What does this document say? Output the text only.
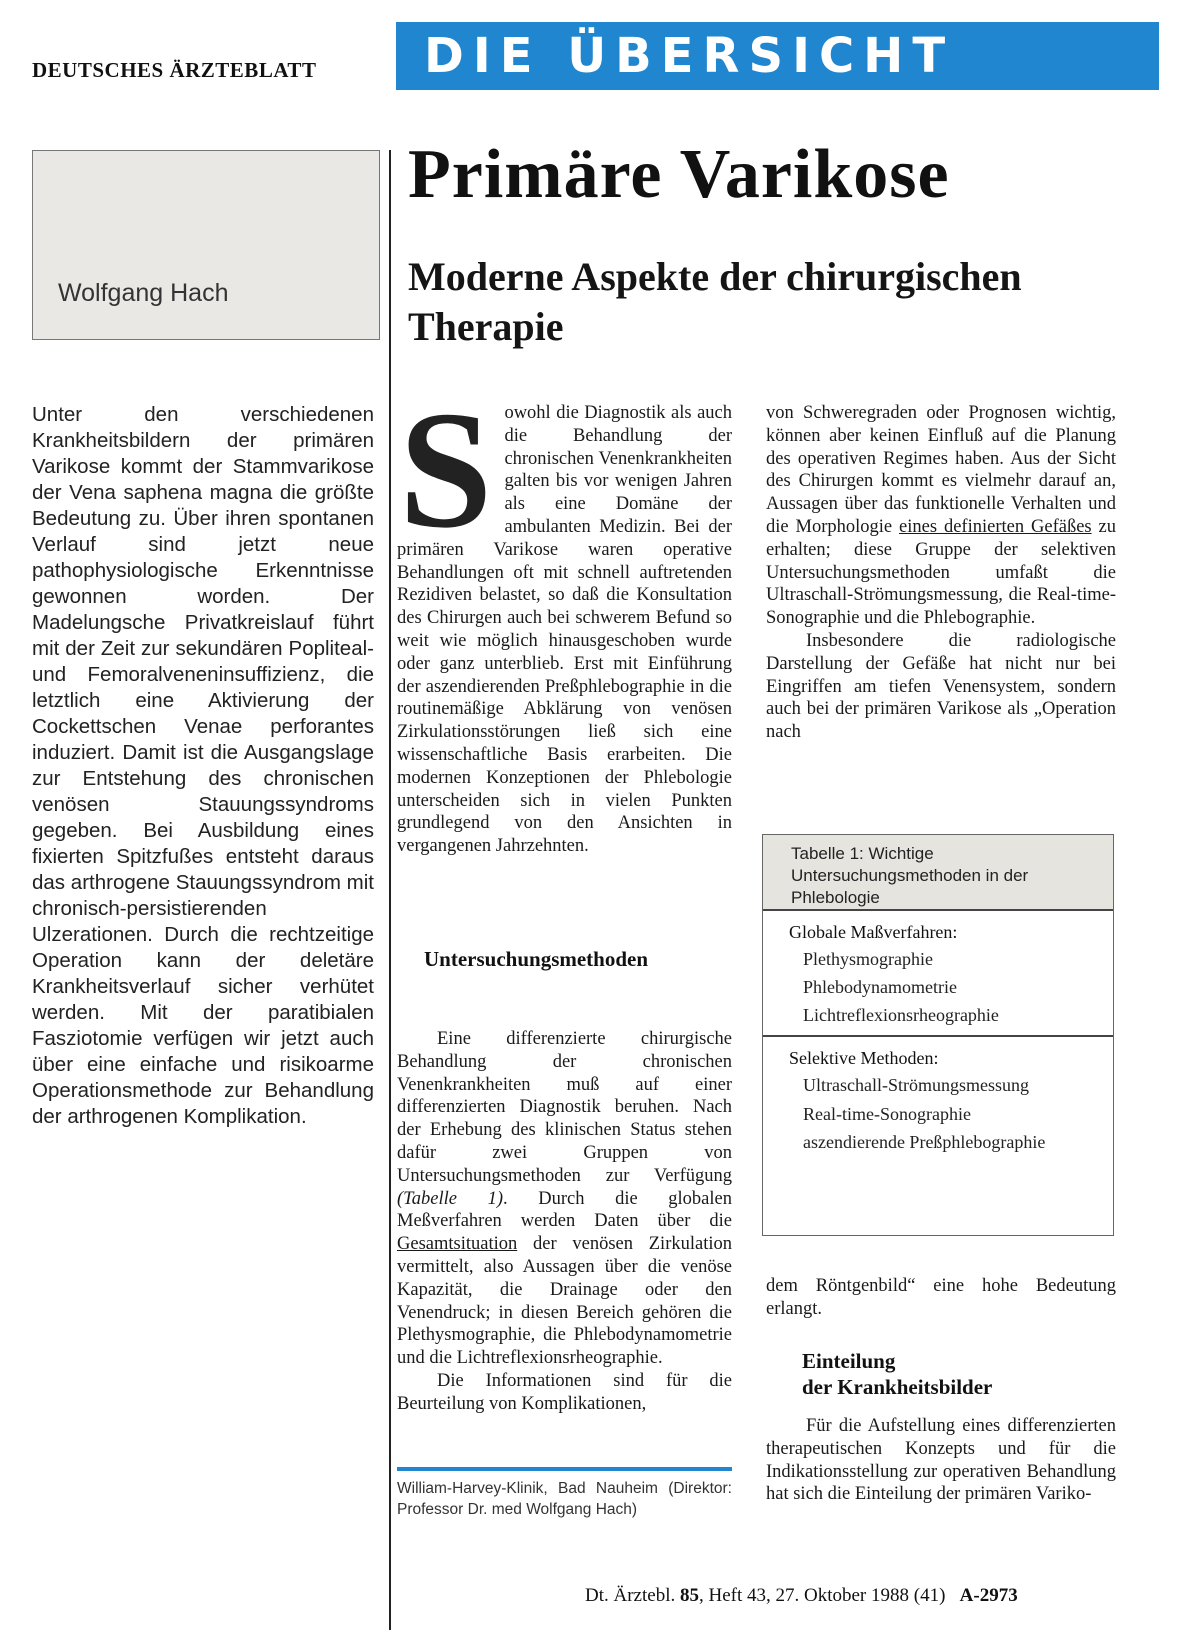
DEUTSCHES ÄRZTEBLATT	DIE ÜBERSICHT
Wolfgang Hach
Primäre Varikose
Moderne Aspekte der chirurgischen Therapie
Unter den verschiedenen Krankheitsbildern der primären Varikose kommt der Stammvarikose der Vena saphena magna die größte Bedeutung zu. Über ihren spontanen Verlauf sind jetzt neue pathophysiologische Erkenntnisse gewonnen worden. Der Madelungsche Privatkreislauf führt mit der Zeit zur sekundären Popliteal- und Femoralveneninsuffizienz, die letztlich eine Aktivierung der Cockettschen Venae perforantes induziert. Damit ist die Ausgangslage zur Entstehung des chronischen venösen Stauungssyndroms gegeben. Bei Ausbildung eines fixierten Spitzfußes entsteht daraus das arthrogene Stauungssyndrom mit chronisch-persistierenden Ulzerationen. Durch die rechtzeitige Operation kann der deletäre Krankheitsverlauf sicher verhütet werden. Mit der paratibialen Fasziotomie verfügen wir jetzt auch über eine einfache und risikoarme Operationsmethode zur Behandlung der arthrogenen Komplikation.

Sowohl die Diagnostik als auch die Behandlung der chronischen Venenkrankheiten galten bis vor wenigen Jahren als eine Domäne der ambulanten Medizin. Bei der primären Varikose waren operative Behandlungen oft mit schnell auftretenden Rezidiven belastet, so daß die Konsultation des Chirurgen auch bei schwerem Befund so weit wie möglich hinausgeschoben wurde oder ganz unterblieb. Erst mit Einführung der aszendierenden Preßphlebographie in die routinemäßige Abklärung von venösen Zirkulationsstörungen ließ sich eine wissenschaftliche Basis erarbeiten. Die modernen Konzeptionen der Phlebologie unterscheiden sich in vielen Punkten grundlegend von den Ansichten in vergangenen Jahrzehnten.

Untersuchungsmethoden

Eine differenzierte chirurgische Behandlung der chronischen Venenkrankheiten muß auf einer differenzierten Diagnostik beruhen. Nach der Erhebung des klinischen Status stehen dafür zwei Gruppen von Untersuchungsmethoden zur Verfügung (Tabelle 1). Durch die globalen Meßverfahren werden Daten über die Gesamtsituation der venösen Zirkulation vermittelt, also Aussagen über die venöse Kapazität, die Drainage oder den Venendruck; in diesen Bereich gehören die Plethysmographie, die Phlebodynamometrie und die Lichtreflexionsrheographie.

Die Informationen sind für die Beurteilung von Komplikationen,

von Schweregraden oder Prognosen wichtig, können aber keinen Einfluß auf die Planung des operativen Regimes haben. Aus der Sicht des Chirurgen kommt es vielmehr darauf an, Aussagen über das funktionelle Verhalten und die Morphologie eines definierten Gefäßes zu erhalten; diese Gruppe der selektiven Untersuchungsmethoden umfaßt die Ultraschall-Strömungsmessung, die Real-time-Sonographie und die Phlebographie.

Insbesondere die radiologische Darstellung der Gefäße hat nicht nur bei Eingriffen am tiefen Venensystem, sondern auch bei der primären Varikose als „Operation nach

Tabelle 1: Wichtige Untersuchungsmethoden in der Phlebologie
Globale Maßverfahren:
Plethysmographie
Phlebodynamometrie
Lichtreflexionsrheographie
Selektive Methoden:
Ultraschall-Strömungsmessung
Real-time-Sonographie
aszendierende Preßphlebographie
dem Röntgenbild“ eine hohe Bedeutung erlangt.
Einteilung
der Krankheitsbilder

Für die Aufstellung eines differenzierten therapeutischen Konzepts und für die Indikationsstellung zur operativen Behandlung hat sich die Einteilung der primären Variko-

William-Harvey-Klinik, Bad Nauheim (Direktor: Professor Dr. med Wolfgang Hach)
Dt. Ärztebl. 85, Heft 43, 27. Oktober 1988 (41) A-2973
